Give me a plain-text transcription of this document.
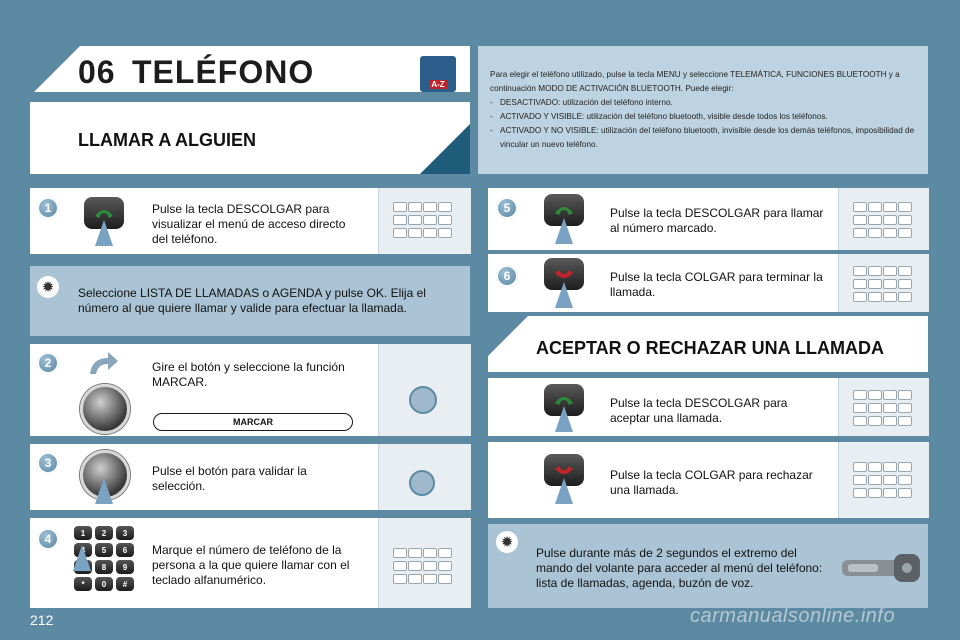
06 TELÉFONO	A-Z
LLAMAR A ALGUIEN
Para elegir el teléfono utilizado, pulse la tecla MENU y seleccione TELEMÁTICA, FUNCIONES BLUETOOTH y a continuación MODO DE ACTIVACIÓN BLUETOOTH. Puede elegir:
- DESACTIVADO: utilización del teléfono interno.
- ACTIVADO Y VISIBLE: utilización del teléfono bluetooth, visible desde todos los teléfonos.
- ACTIVADO Y NO VISIBLE: utilización del teléfono bluetooth, invisible desde los demás teléfonos, imposibilidad de vincular un nuevo teléfono.
1	Pulse la tecla DESCOLGAR para visualizar el menú de acceso directo del teléfono.
✹	Seleccione LISTA DE LLAMADAS o AGENDA y pulse OK. Elija el número al que quiere llamar y valide para efectuar la llamada.
2	Gire el botón y seleccione la función MARCAR.
MARCAR
3
Pulse el botón para validar la selección.
4	1	2	3
4	5	6
7	8	9
*	0	#
Marque el número de teléfono de la persona a la que quiere llamar con el teclado alfanumérico.
5	Pulse la tecla DESCOLGAR para llamar al número marcado.
6	Pulse la tecla COLGAR para terminar la llamada.
ACEPTAR O RECHAZAR UNA LLAMADA
Pulse la tecla DESCOLGAR para aceptar una llamada.
Pulse la tecla COLGAR para rechazar una llamada.
✹
Pulse durante más de 2 segundos el extremo del mando del volante para acceder al menú del teléfono: lista de llamadas, agenda, buzón de voz.
212	carmanualsonline.info
